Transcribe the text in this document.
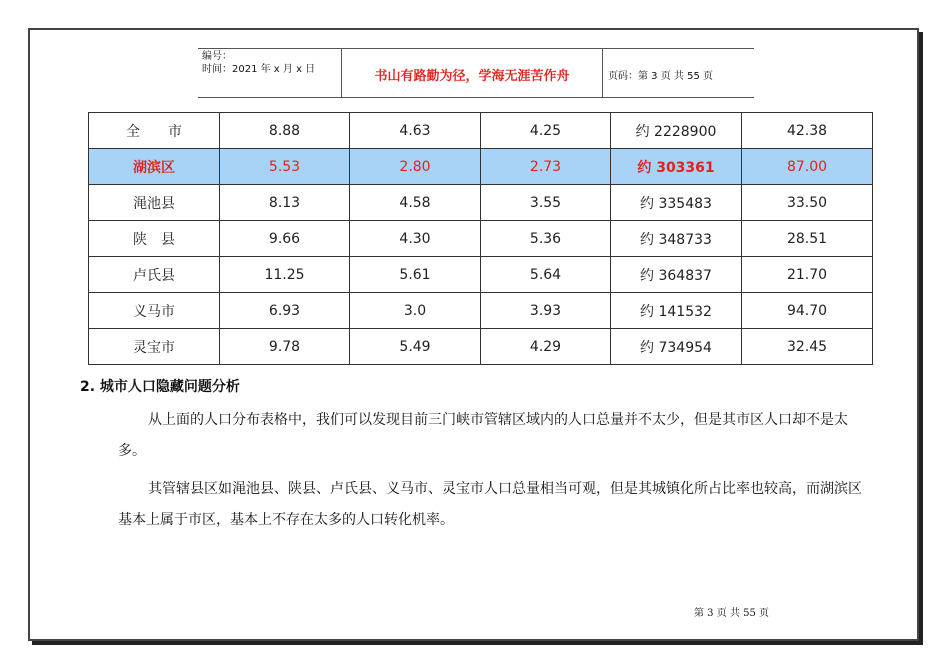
编号：
时间：2021 年 x 月 x 日	书山有路勤为径，学海无涯苦作舟	页码：第 3 页 共 55 页
全　　市	8.88	4.63	4.25	约 2228900	42.38
湖滨区	5.53	2.80	2.73	约 303361	87.00
渑池县	8.13	4.58	3.55	约 335483	33.50
陕　县	9.66	4.30	5.36	约 348733	28.51
卢氏县	11.25	5.61	5.64	约 364837	21.70
义马市	6.93	3.0	3.93	约 141532	94.70
灵宝市	9.78	5.49	4.29	约 734954	32.45
2. 城市人口隐藏问题分析
从上面的人口分布表格中，我们可以发现目前三门峡市管辖区域内的人口总量并不太少，但是其市区人口却不是太多。
其管辖县区如渑池县、陕县、卢氏县、义马市、灵宝市人口总量相当可观，但是其城镇化所占比率也较高，而湖滨区基本上属于市区，基本上不存在太多的人口转化机率。
第 3 页 共 55 页
